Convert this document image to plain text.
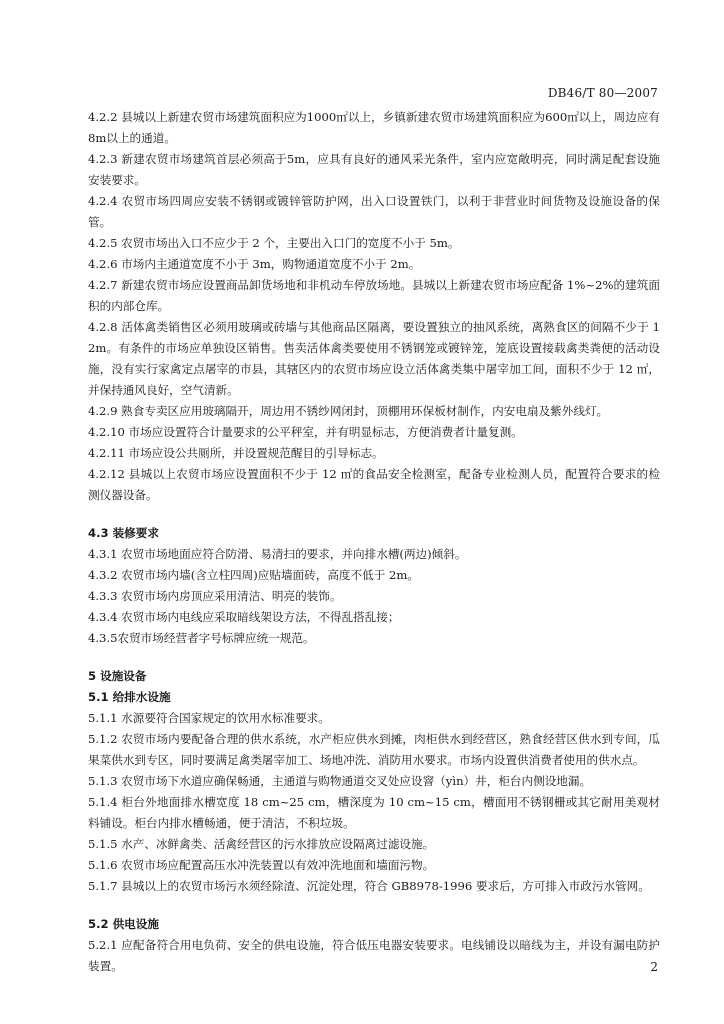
DB46/T 80—2007

4.2.2 县城以上新建农贸市场建筑面积应为1000㎡以上，乡镇新建农贸市场建筑面积应为600㎡以上，周边应有8m以上的通道。

4.2.3 新建农贸市场建筑首层必须高于5m，应具有良好的通风采光条件，室内应宽敞明亮，同时满足配套设施安装要求。

4.2.4 农贸市场四周应安装不锈钢或镀锌管防护网，出入口设置铁门，以利于非营业时间货物及设施设备的保管。

4.2.5 农贸市场出入口不应少于 2 个，主要出入口门的宽度不小于 5m。

4.2.6 市场内主通道宽度不小于 3m，购物通道宽度不小于 2m。

4.2.7 新建农贸市场应设置商品卸货场地和非机动车停放场地。县城以上新建农贸市场应配备 1%~2%的建筑面积的内部仓库。

4.2.8 活体禽类销售区必须用玻璃或砖墙与其他商品区隔离，要设置独立的抽风系统，离熟食区的间隔不少于 12m。有条件的市场应单独设区销售。售卖活体禽类要使用不锈钢笼或镀锌笼，笼底设置接载禽类粪便的活动设施，没有实行家禽定点屠宰的市县，其辖区内的农贸市场应设立活体禽类集中屠宰加工间，面积不少于 12 ㎡，并保持通风良好，空气清新。

4.2.9 熟食专卖区应用玻璃隔开，周边用不锈纱网闭封，顶棚用环保板材制作，内安电扇及紫外线灯。

4.2.10 市场应设置符合计量要求的公平秤室，并有明显标志，方便消费者计量复测。

4.2.11 市场应设公共厕所，并设置规范醒目的引导标志。

4.2.12 县城以上农贸市场应设置面积不少于 12 ㎡的食品安全检测室，配备专业检测人员，配置符合要求的检测仪器设备。

4.3 装修要求

4.3.1 农贸市场地面应符合防滑、易清扫的要求，并向排水槽(两边)倾斜。

4.3.2 农贸市场内墙(含立柱四周)应贴墙面砖，高度不低于 2m。

4.3.3 农贸市场内房顶应采用清洁、明亮的装饰。

4.3.4 农贸市场内电线应采取暗线架设方法，不得乱搭乱接；

4.3.5农贸市场经营者字号标牌应统一规范。

5 设施设备

5.1 给排水设施

5.1.1 水源要符合国家规定的饮用水标准要求。

5.1.2 农贸市场内要配备合理的供水系统，水产柜应供水到摊，肉柜供水到经营区，熟食经营区供水到专间，瓜果菜供水到专区，同时要满足禽类屠宰加工、场地冲洗、消防用水要求。市场内设置供消费者使用的供水点。

5.1.3 农贸市场下水道应确保畅通，主通道与购物通道交叉处应设窨（yìn）井，柜台内侧设地漏。

5.1.4 柜台外地面排水槽宽度 18 cm~25 cm，槽深度为 10 cm~15 cm，槽面用不锈钢栅或其它耐用美观材料铺设。柜台内排水槽畅通，便于清洁，不积垃圾。

5.1.5 水产、冰鲜禽类、活禽经营区的污水排放应设隔离过滤设施。

5.1.6 农贸市场应配置高压水冲洗装置以有效冲洗地面和墙面污物。

5.1.7 县城以上的农贸市场污水须经除渣、沉淀处理，符合 GB8978-1996 要求后，方可排入市政污水管网。

5.2 供电设施

5.2.1 应配备符合用电负荷、安全的供电设施，符合低压电器安装要求。电线铺设以暗线为主，并设有漏电防护装置。	2
